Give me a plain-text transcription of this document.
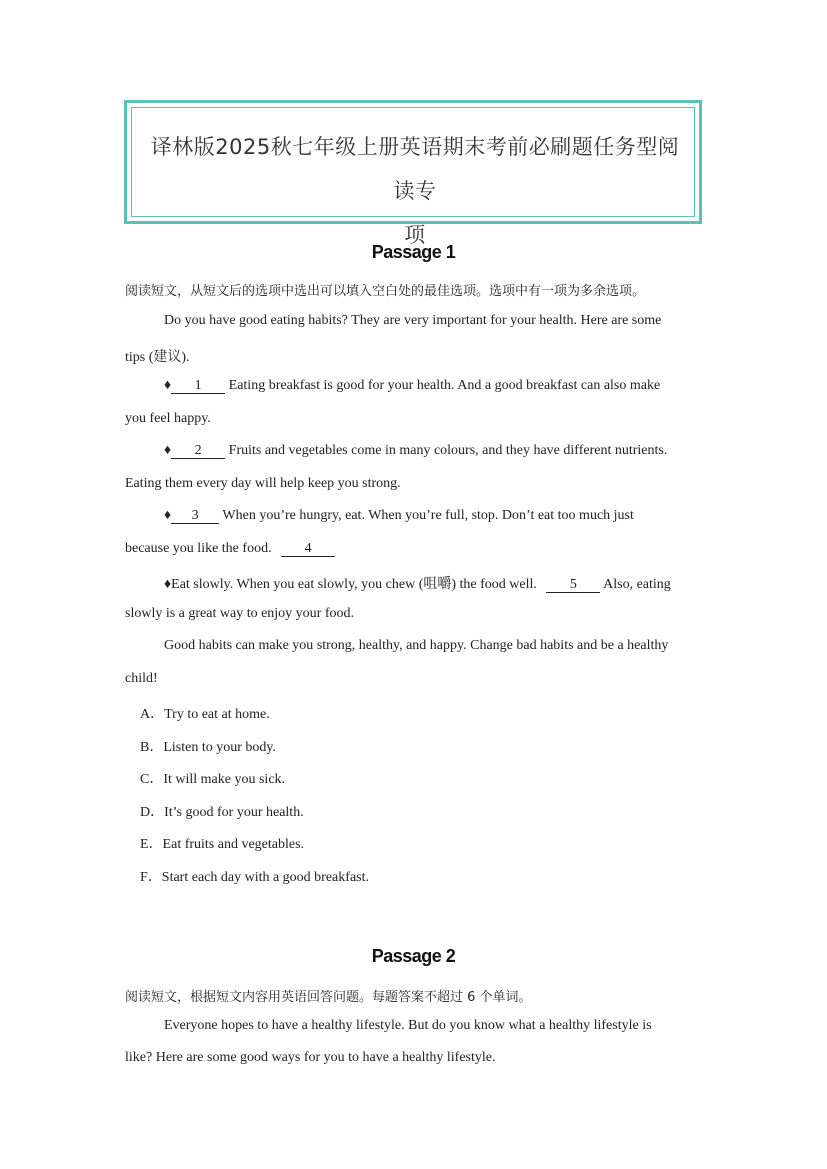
译林版2025秋七年级上册英语期末考前必刷题任务型阅读专
项
Passage 1
阅读短文，从短文后的选项中选出可以填入空白处的最佳选项。选项中有一项为多余选项。
Do you have good eating habits? They are very important for your health. Here are some
tips (建议).
♦ 1 Eating breakfast is good for your health. And a good breakfast can also make
you feel happy.
♦ 2 Fruits and vegetables come in many colours, and they have different nutrients.
Eating them every day will help keep you strong.
♦ 3 When you’re hungry, eat. When you’re full, stop. Don’t eat too much just
because you like the food. 4
♦Eat slowly. When you eat slowly, you chew (咀嚼) the food well. 5 Also, eating
slowly is a great way to enjoy your food.
Good habits can make you strong, healthy, and happy. Change bad habits and be a healthy
child!
A．Try to eat at home.
B．Listen to your body.
C．It will make you sick.
D．It’s good for your health.
E．Eat fruits and vegetables.
F．Start each day with a good breakfast.
Passage 2
阅读短文，根据短文内容用英语回答问题。每题答案不超过 6 个单词。
Everyone hopes to have a healthy lifestyle. But do you know what a healthy lifestyle is
like? Here are some good ways for you to have a healthy lifestyle.
